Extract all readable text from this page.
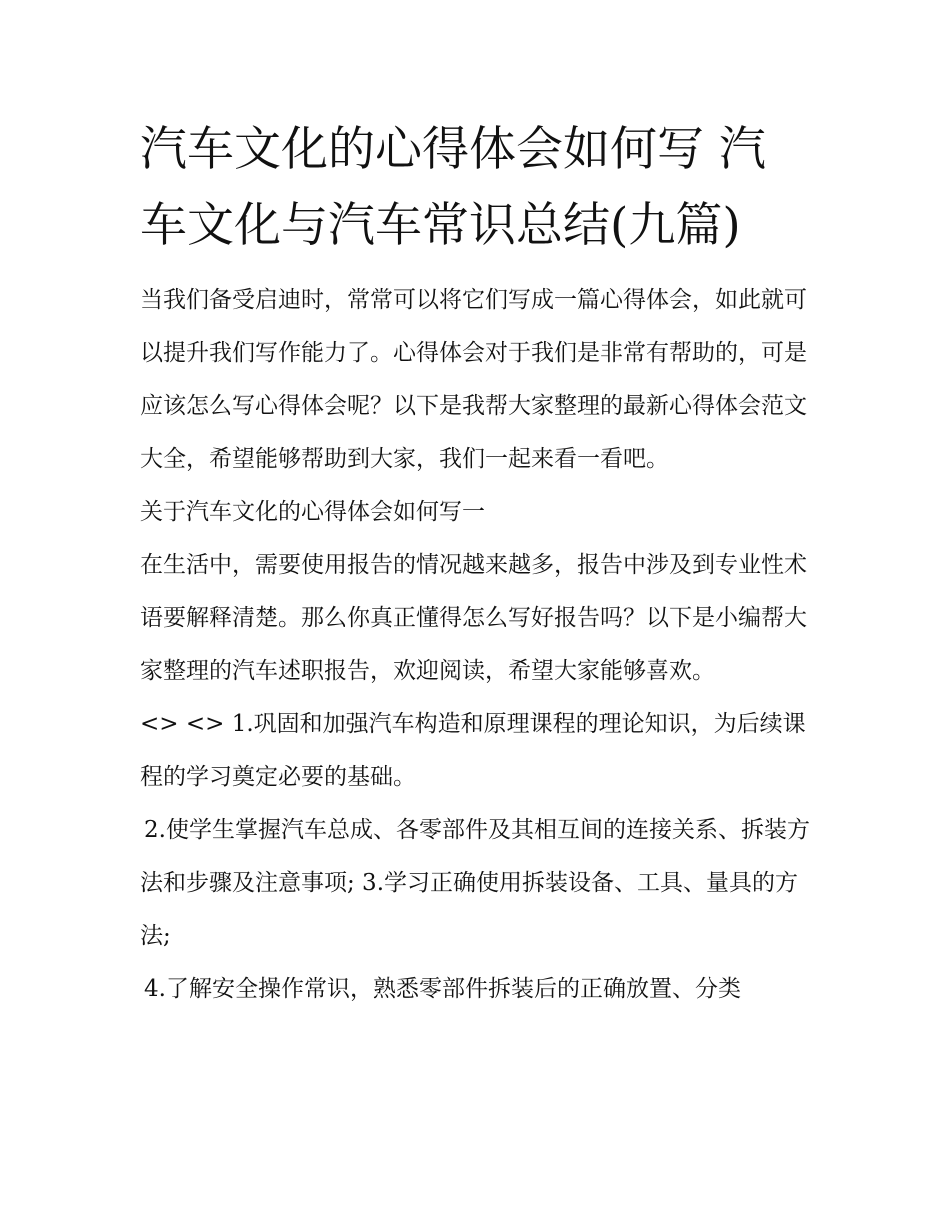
汽车文化的心得体会如何写 汽
车文化与汽车常识总结(九篇)

当我们备受启迪时，常常可以将它们写成一篇心得体会，如此就可以提升我们写作能力了。心得体会对于我们是非常有帮助的，可是应该怎么写心得体会呢？以下是我帮大家整理的最新心得体会范文大全，希望能够帮助到大家，我们一起来看一看吧。

关于汽车文化的心得体会如何写一

在生活中，需要使用报告的情况越来越多，报告中涉及到专业性术语要解释清楚。那么你真正懂得怎么写好报告吗？以下是小编帮大家整理的汽车述职报告，欢迎阅读，希望大家能够喜欢。

<> <> 1.巩固和加强汽车构造和原理课程的理论知识，为后续课程的学习奠定必要的基础。

2.使学生掌握汽车总成、各零部件及其相互间的连接关系、拆装方法和步骤及注意事项; 3.学习正确使用拆装设备、工具、量具的方法;

4.了解安全操作常识，熟悉零部件拆装后的正确放置、分类
